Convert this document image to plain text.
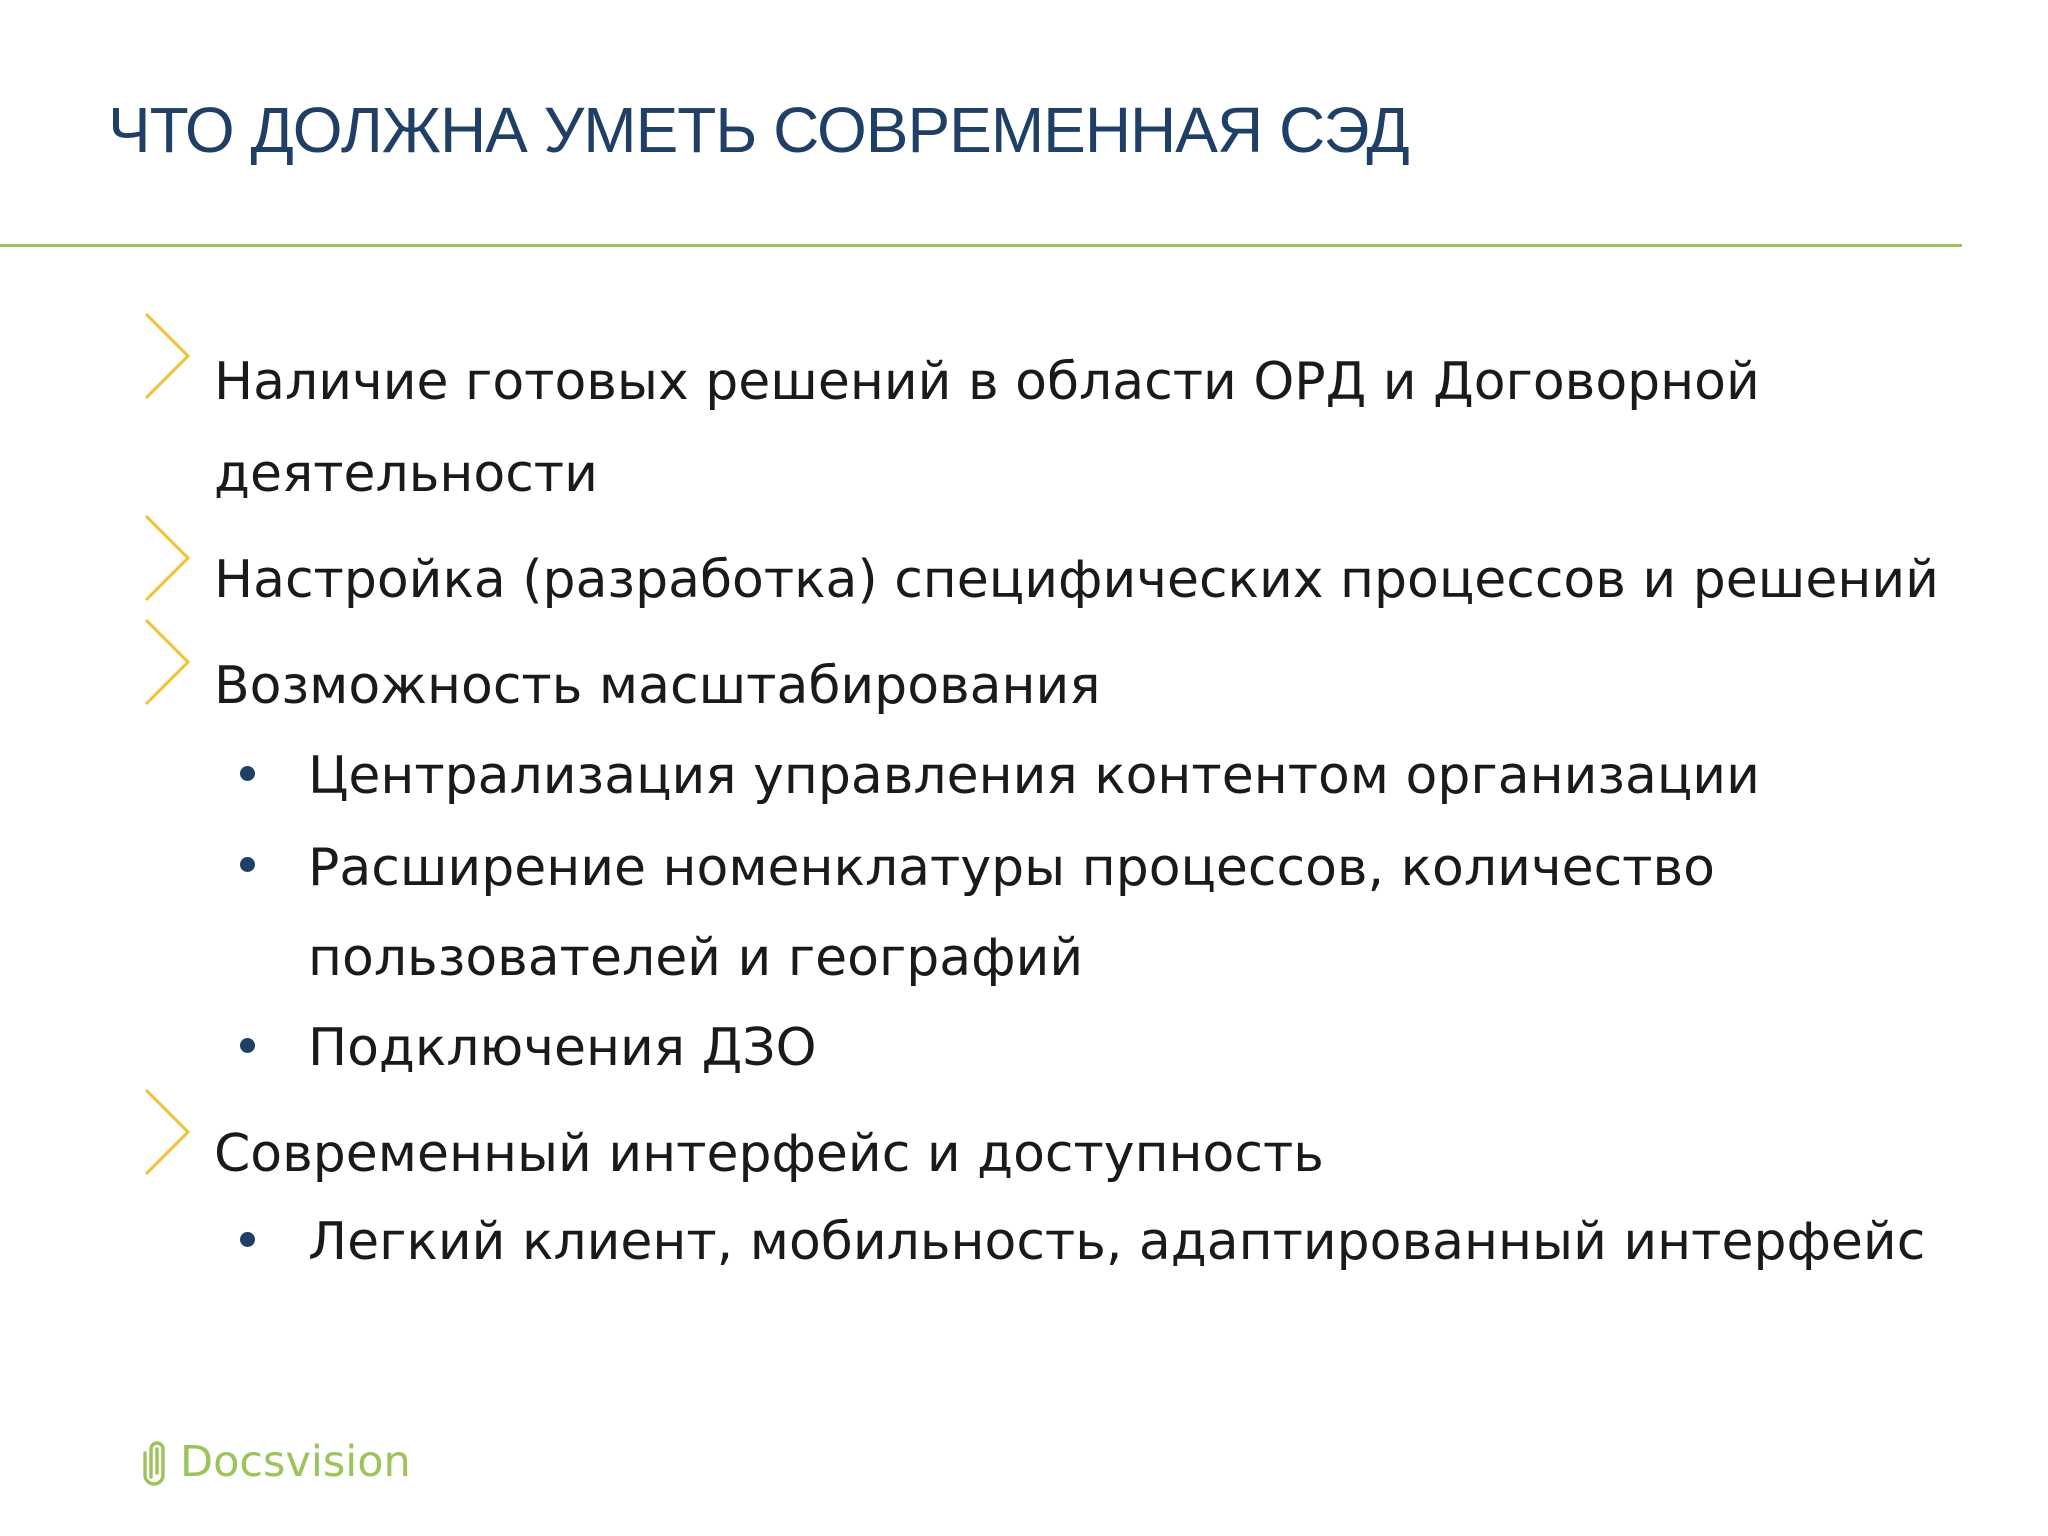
ЧТО ДОЛЖНА УМЕТЬ СОВРЕМЕННАЯ СЭД

Наличие готовых решений в области ОРД и Договорной

деятельности

Настройка (разработка) специфических процессов и решений

Возможность масштабирования

Централизация управления контентом организации

Расширение номенклатуры процессов, количество

пользователей и географий

Подключения ДЗО

Современный интерфейс и доступность

Легкий клиент, мобильность, адаптированный интерфейс

Docsvision
